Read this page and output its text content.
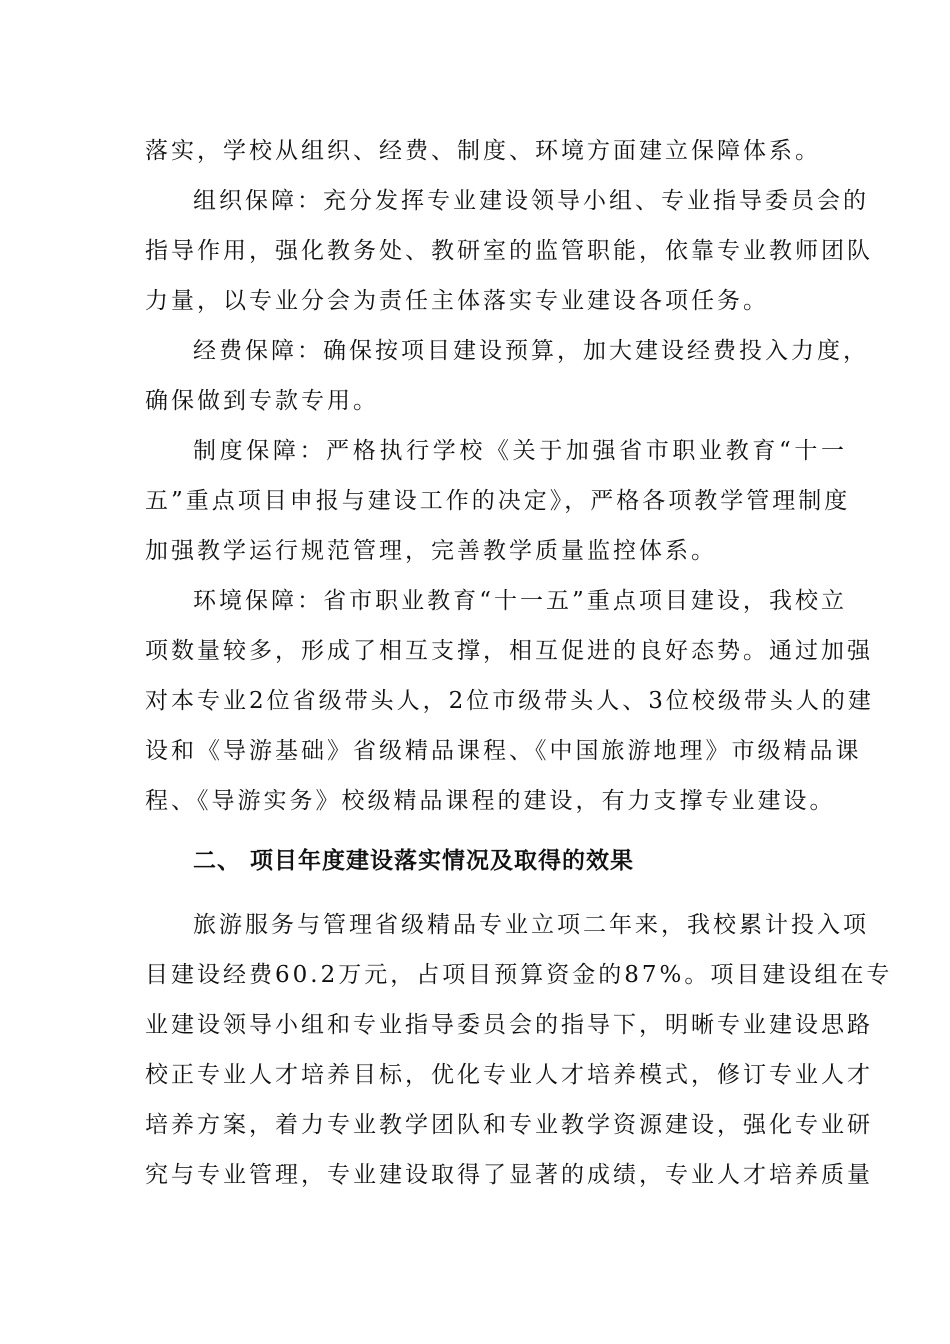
落实，学校从组织、经费、制度、环境方面建立保障体系。
组织保障：充分发挥专业建设领导小组、专业指导委员会的
指导作用，强化教务处、教研室的监管职能，依靠专业教师团队
力量，以专业分会为责任主体落实专业建设各项任务。
经费保障：确保按项目建设预算，加大建设经费投入力度，
确保做到专款专用。
制度保障：严格执行学校《关于加强省市职业教育“十一
五”重点项目申报与建设工作的决定》，严格各项教学管理制度
加强教学运行规范管理，完善教学质量监控体系。
环境保障：省市职业教育“十一五”重点项目建设，我校立
项数量较多，形成了相互支撑，相互促进的良好态势。通过加强
对本专业2位省级带头人，2位市级带头人、3位校级带头人的建
设和《导游基础》省级精品课程、《中国旅游地理》市级精品课
程、《导游实务》校级精品课程的建设，有力支撑专业建设。
二、 项目年度建设落实情况及取得的效果
旅游服务与管理省级精品专业立项二年来，我校累计投入项
目建设经费60.2万元，占项目预算资金的87%。项目建设组在专
业建设领导小组和专业指导委员会的指导下，明晰专业建设思路
校正专业人才培养目标，优化专业人才培养模式，修订专业人才
培养方案，着力专业教学团队和专业教学资源建设，强化专业研
究与专业管理，专业建设取得了显著的成绩，专业人才培养质量
